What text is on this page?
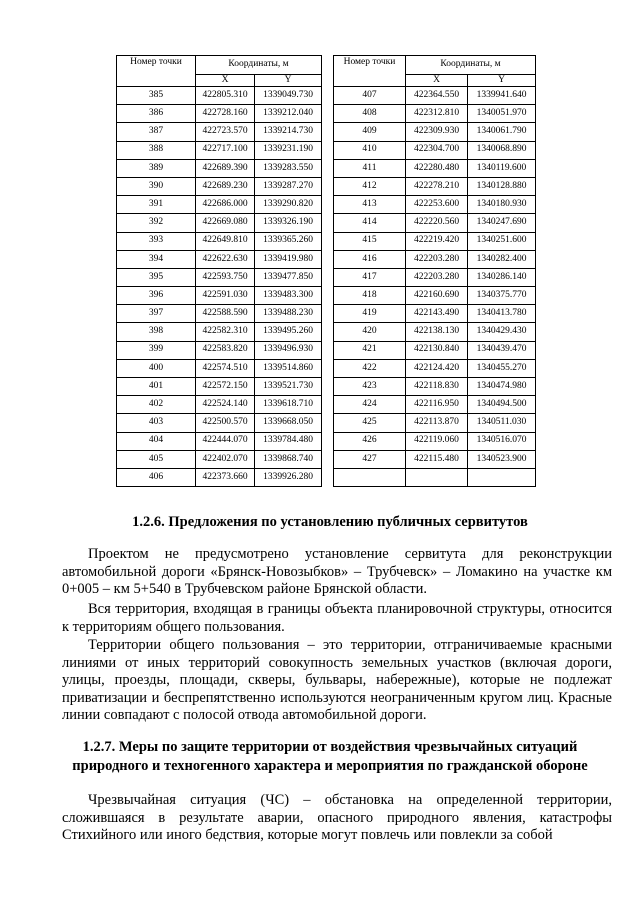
Номер точки	Координаты, м	
	X	Y
385	422805.310	1339049.730
386	422728.160	1339212.040
387	422723.570	1339214.730
388	422717.100	1339231.190
389	422689.390	1339283.550
390	422689.230	1339287.270
391	422686.000	1339290.820
392	422669.080	1339326.190
393	422649.810	1339365.260
394	422622.630	1339419.980
395	422593.750	1339477.850
396	422591.030	1339483.300
397	422588.590	1339488.230
398	422582.310	1339495.260
399	422583.820	1339496.930
400	422574.510	1339514.860
401	422572.150	1339521.730
402	422524.140	1339618.710
403	422500.570	1339668.050
404	422444.070	1339784.480
405	422402.070	1339868.740
406	422373.660	1339926.280
Номер точки	Координаты, м	
	X	Y
407	422364.550	1339941.640
408	422312.810	1340051.970
409	422309.930	1340061.790
410	422304.700	1340068.890
411	422280.480	1340119.600
412	422278.210	1340128.880
413	422253.600	1340180.930
414	422220.560	1340247.690
415	422219.420	1340251.600
416	422203.280	1340282.400
417	422203.280	1340286.140
418	422160.690	1340375.770
419	422143.490	1340413.780
420	422138.130	1340429.430
421	422130.840	1340439.470
422	422124.420	1340455.270
423	422118.830	1340474.980
424	422116.950	1340494.500
425	422113.870	1340511.030
426	422119.060	1340516.070
427	422115.480	1340523.900

1.2.6. Предложения по установлению публичных сервитутов

Проектом не предусмотрено установление сервитута для реконструкции автомобильной дороги «Брянск-Новозыбков» – Трубчевск» – Ломакино на участке км 0+005 – км 5+540 в Трубчевском районе Брянской области.

Вся территория, входящая в границы объекта планировочной структуры, относится к территориям общего пользования.

Территории общего пользования – это территории, отграничиваемые красными линиями от иных территорий совокупность земельных участков (включая дороги, улицы, проезды, площади, скверы, бульвары, набережные), которые не подлежат приватизации и беспрепятственно используются неограниченным кругом лиц. Красные линии совпадают с полосой отвода автомобильной дороги.

1.2.7. Меры по защите территории от воздействия чрезвычайных ситуаций природного и техногенного характера и мероприятия по гражданской обороне

Чрезвычайная ситуация (ЧС) – обстановка на определенной территории, сложившаяся в результате аварии, опасного природного явления, катастрофы Стихийного или иного бедствия, которые могут повлечь или повлекли за собой
